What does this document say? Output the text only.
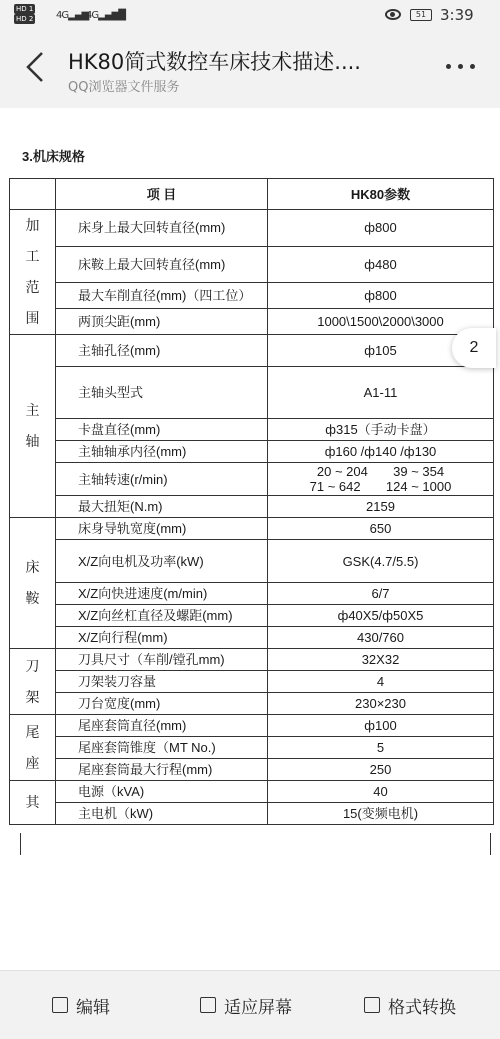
HD 1
HD 2	4G▂▄▆
4G▂▄▆█	51 3:39
HK80简式数控车床技术描述....
QQ浏览器文件服务
3.机床规格
	项 目	HK80参数
加工范围	床身上最大回转直径(mm)	ф800
	床鞍上最大回转直径(mm)	ф480
	最大车削直径(mm)（四工位）	ф800
	两顶尖距(mm)	1000\1500\2000\3000
主轴	主轴孔径(mm)	ф105
	主轴头型式	A1-11
	卡盘直径(mm)	ф315（手动卡盘）
	主轴轴承内径(mm)	ф160 /ф140 /ф130
	主轴转速(r/min)	20 ~ 204       39 ~ 354
71 ~ 642       124 ~ 1000
	最大扭矩(N.m)	2159
床鞍	床身导轨宽度(mm)	650
	X/Z向电机及功率(kW)	GSK(4.7/5.5)
	X/Z向快进速度(m/min)	6/7
	X/Z向丝杠直径及螺距(mm)	ф40X5/ф50X5
	X/Z向行程(mm)	430/760
刀架	刀具尺寸（车削/镗孔mm)	32X32
	刀架装刀容量	4
	刀台宽度(mm)	230×230
尾座	尾座套筒直径(mm)	ф100
	尾座套筒锥度（MT No.)	5
	尾座套筒最大行程(mm)	250
其	电源（kVA)	40
	主电机（kW)	15(变频电机)
2
编辑	适应屏幕	格式转换
